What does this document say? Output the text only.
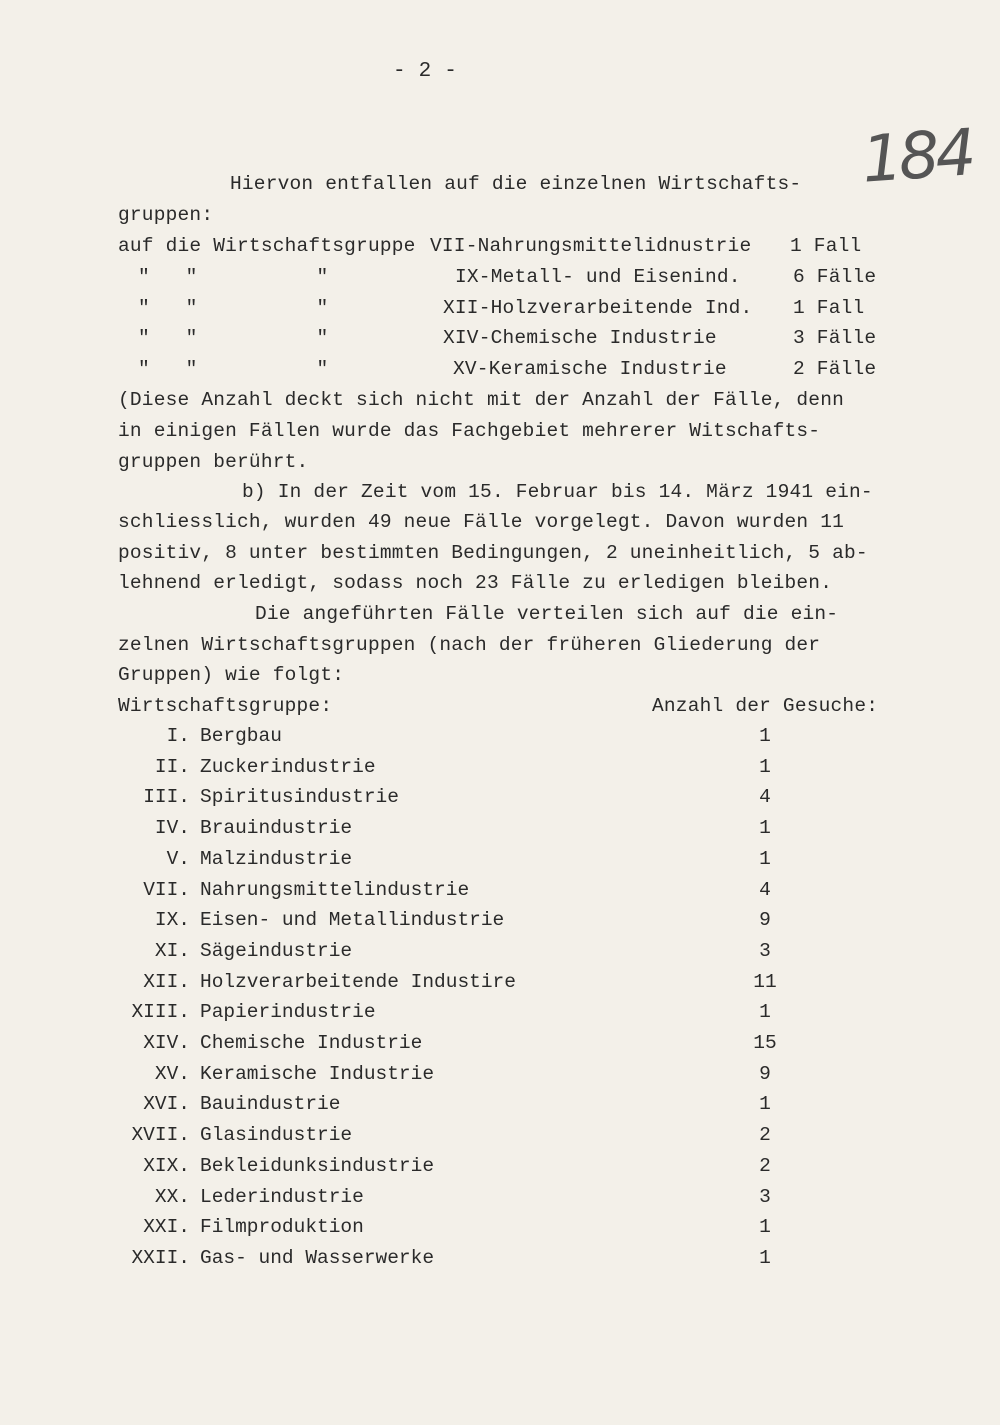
- 2 -
184
Hiervon entfallen auf die einzelnen Wirtschafts-
gruppen:
auf die Wirtschaftsgruppe VII-Nahrungsmittelidnustrie 1 Fall
"   "          "	IX-Metall- und Eisenind.	6 Fälle
"   "          "	XII-Holzverarbeitende Ind. 1 Fall
"   "          "	XIV-Chemische Industrie	3 Fälle
"   "          "	XV-Keramische Industrie	2 Fälle
(Diese Anzahl deckt sich nicht mit der Anzahl der Fälle, denn
in einigen Fällen wurde das Fachgebiet mehrerer Witschafts-
gruppen berührt.
b) In der Zeit vom 15. Februar bis 14. März 1941 ein-
schliesslich, wurden 49 neue Fälle vorgelegt. Davon wurden 11
positiv, 8 unter bestimmten Bedingungen, 2 uneinheitlich, 5 ab-
lehnend erledigt, sodass noch 23 Fälle zu erledigen bleiben.
Die angeführten Fälle verteilen sich auf die ein-
zelnen Wirtschaftsgruppen (nach der früheren Gliederung der
Gruppen) wie folgt:
Wirtschaftsgruppe:	Anzahl der Gesuche:
I. Bergbau	1
II. Zuckerindustrie	1
III. Spiritusindustrie	4
IV. Brauindustrie	1
V. Malzindustrie	1
VII. Nahrungsmittelindustrie	4
IX. Eisen- und Metallindustrie	9
XI. Sägeindustrie	3
XII. Holzverarbeitende Industire	11
XIII. Papierindustrie	1
XIV. Chemische Industrie	15
XV. Keramische Industrie	9
XVI. Bauindustrie	1
XVII. Glasindustrie	2
XIX. Bekleidunksindustrie	2
XX. Lederindustrie	3
XXI. Filmproduktion	1
XXII. Gas- und Wasserwerke	1
